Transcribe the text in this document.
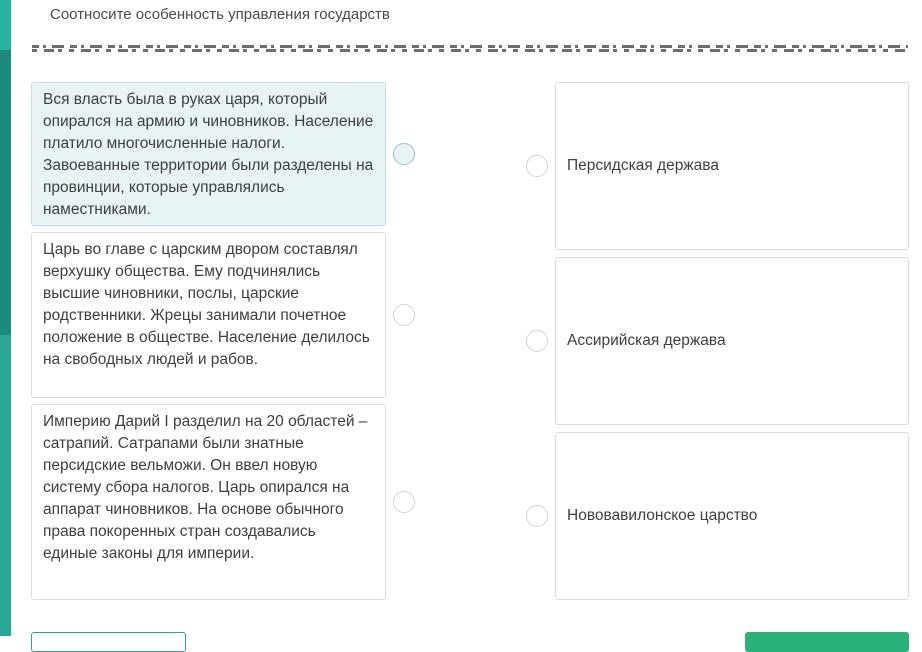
Соотносите особенность управления государств
Вся власть была в руках царя, который опирался на армию и чиновников. Население платило многочисленные налоги. Завоеванные территории были разделены на провинции, которые управлялись наместниками.
Царь во главе с царским двором составлял верхушку общества. Ему подчинялись высшие чиновники, послы, царские родственники. Жрецы занимали почетное положение в обществе. Население делилось на свободных людей и рабов.
Империю Дарий I разделил на 20 областей – сатрапий. Сатрапами были знатные персидские вельможи. Он ввел новую систему сбора налогов. Царь опирался на аппарат чиновников. На основе обычного права покоренных стран создавались единые законы для империи.
Персидская держава
Ассирийская держава
Нововавилонское царство
